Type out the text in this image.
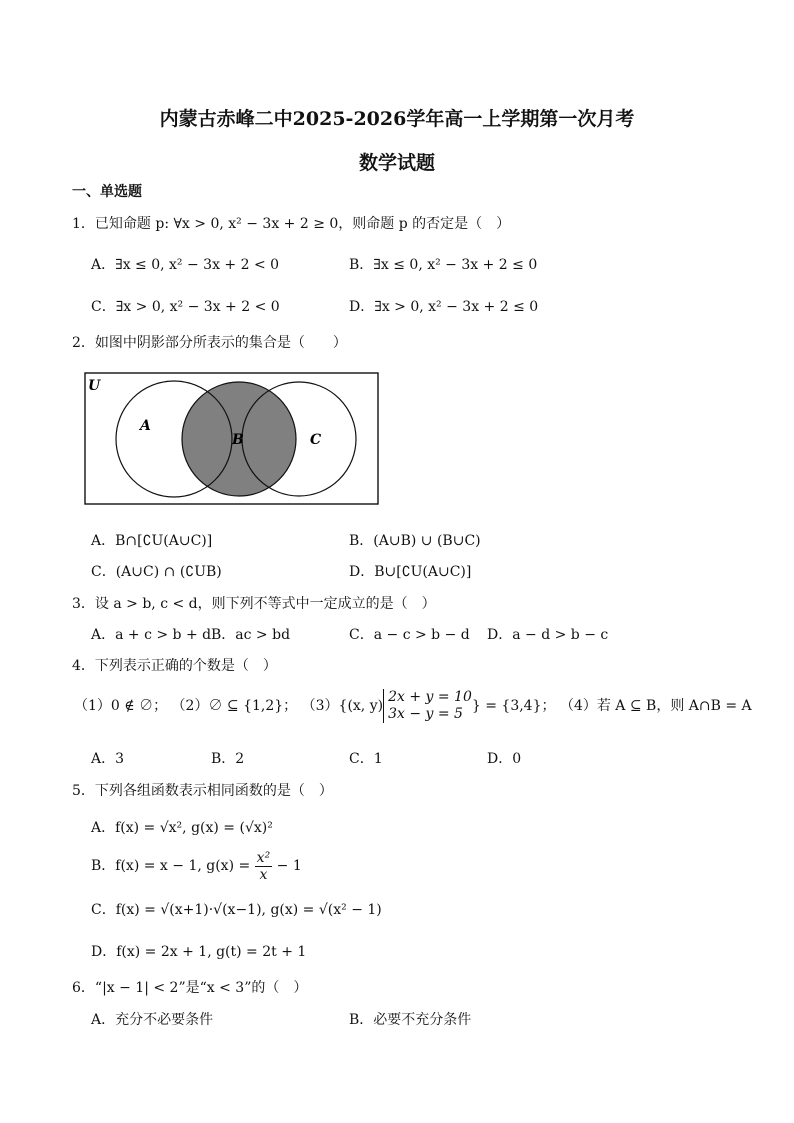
内蒙古赤峰二中2025-2026学年高一上学期第一次月考
数学试题
一、单选题
1．已知命题 p: ∀x > 0, x² − 3x + 2 ≥ 0，则命题 p 的否定是（　）
A．∃x ≤ 0, x² − 3x + 2 < 0	B．∃x ≤ 0, x² − 3x + 2 ≤ 0
C．∃x > 0, x² − 3x + 2 < 0	D．∃x > 0, x² − 3x + 2 ≤ 0
2．如图中阴影部分所表示的集合是（　　）
U
A
B	C
A．B∩[∁U(A∪C)]	B．(A∪B) ∪ (B∪C)
C．(A∪C) ∩ (∁UB)	D．B∪[∁U(A∪C)]
3．设 a > b, c < d，则下列不等式中一定成立的是（　）
A．a + c > b + d B．ac > bd	C．a − c > b − d D．a − d > b − c
4．下列表示正确的个数是（　）
（1）0 ∉ ∅； （2）∅ ⊆ {1,2}； （3）{(x, y)
2x + y = 10
3x − y = 5 } = {3,4}； （4）若 A ⊆ B，则 A∩B = A
A．3	B．2	C．1	D．0
5．下列各组函数表示相同函数的是（　）
A．f(x) = √x², g(x) = (√x)²
B．f(x) = x − 1, $g(x) = \frac{\text{x²}}{x} - 1$
C．f(x) = √(x+1)·√(x−1), g(x) = √(x² − 1)
D．f(x) = 2x + 1, g(t) = 2t + 1
6．“|x − 1| < 2”是“x < 3”的（　）
A．充分不必要条件	B．必要不充分条件
